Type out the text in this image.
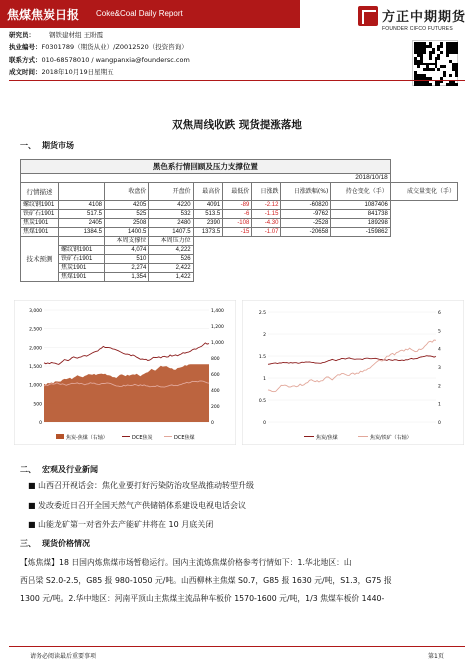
焦煤焦炭日报 Coke&Coal Daily Report	方正中期期货
FOUNDER CIFCO FUTURES
研究员： 钢铁建材组 王盼霞
执业编号：F0301789（期货从业）/Z0012520（投资咨询）
联系方式：010-68578010 / wangpanxia@foundersc.com
成文时间：2018年10月19日星期五
双焦周线收跌 现货提涨落地
一、 期货市场
黑色系行情回顾及压力支撑位置									
2018/10/18									
行情描述		收盘价	开盘价	最高价	最低价	日涨跌	日涨跌幅(%)	持仓变化（手）	成交量变化（手）
螺纹钢1901	4108	4205	4220	4091	-89	-2.12	-60820	1087406	
铁矿石1901	517.5	525	532	513.5	-6	-1.15	-9762	841738	
焦炭1901	2405	2508	2480	2390	-108	-4.30	-2528	189298	
焦煤1901	1384.5	1400.5	1407.5	1373.5	-15	-1.07	-20658	-159862	
技术预测		本周支撑位	本周压力位						
	螺纹钢1901	4,074	4,222						
	铁矿石1901	510	526						
	焦炭1901	2,274	2,422						
	焦煤1901	1,354	1,422						
3,000
2,500
2,000
1,500
1,000
500
0
1,400
1,200
1,000
800
600
400
200
0
焦炭-焦煤（右轴）	DCE焦炭	DCE焦煤
2.5
2
1.5
1
0.5
0
6
5
4
3
2
1
0
焦炭/焦煤	焦炭/铁矿（右轴）
二、 宏观及行业新闻
■ 山西召开视话会：焦化业要打好污染防治攻坚战推动转型升级
■ 发改委近日召开全国天然气产供储销体系建设电视电话会议
■ 山能龙矿第一对省外去产能矿井将在 10 月底关闭
三、 现货价格情况
【炼焦煤】18 日国内炼焦煤市场暂稳运行。国内主流炼焦煤价格参考行情如下：1.华北地区：山
西吕梁 S2.0-2.5，G85 报 980-1050 元/吨。山西柳林主焦煤 S0.7，G85 报 1630 元/吨，S1.3，G75 报
1300 元/吨。2.华中地区：河南平顶山主焦煤主流品种车板价 1570-1600 元/吨，1/3 焦煤车板价 1440-
请务必阅读最后重要事项	第1页
